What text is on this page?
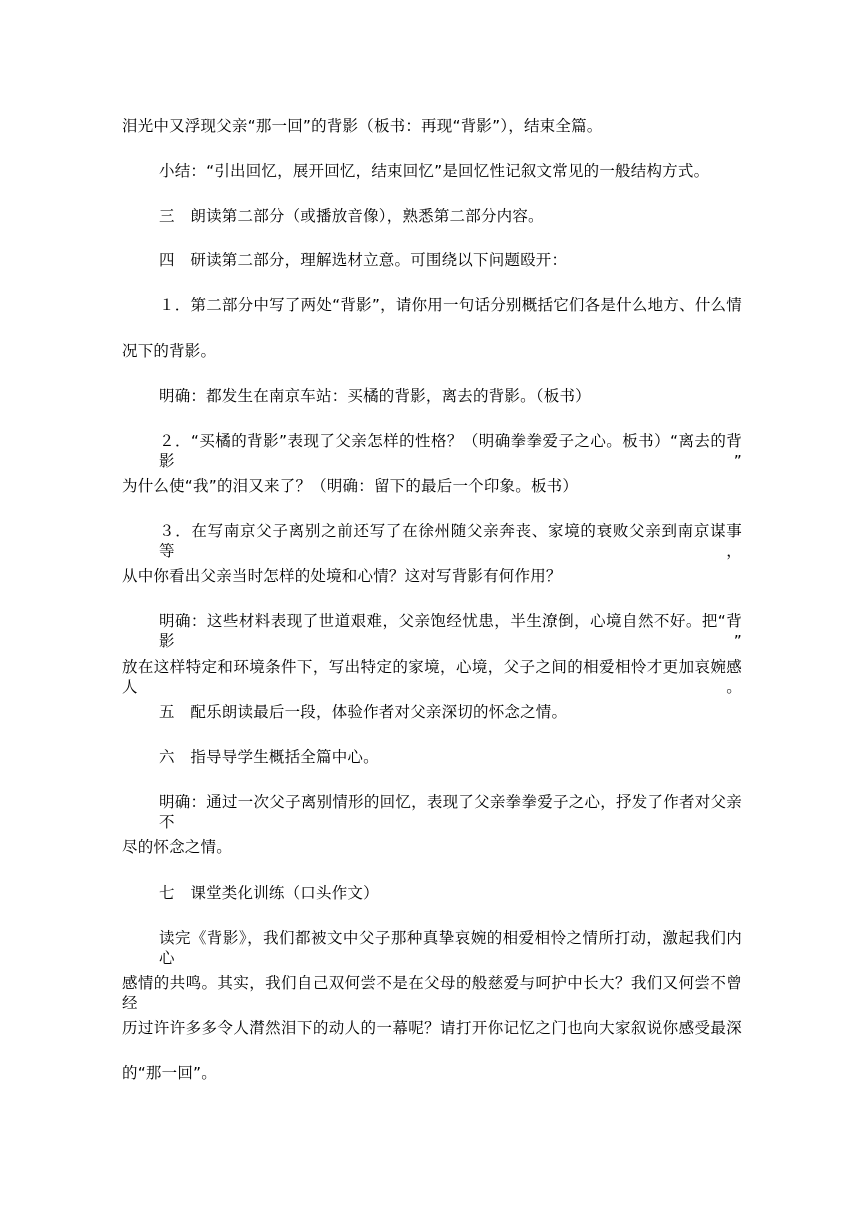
泪光中又浮现父亲“那一回”的背影（板书：再现“背影”），结束全篇。
小结：“引出回忆，展开回忆，结束回忆”是回忆性记叙文常见的一般结构方式。
三　朗读第二部分（或播放音像），熟悉第二部分内容。
四　研读第二部分，理解选材立意。可围绕以下问题殴开：
１．第二部分中写了两处“背影”，请你用一句话分别概括它们各是什么地方、什么情
况下的背影。
明确：都发生在南京车站：买橘的背影，离去的背影。（板书）
２．“买橘的背影”表现了父亲怎样的性格？（明确拳拳爱子之心。板书）“离去的背影”
为什么使“我”的泪又来了？（明确：留下的最后一个印象。板书）
３．在写南京父子离别之前还写了在徐州随父亲奔丧、家境的衰败父亲到南京谋事等，
从中你看出父亲当时怎样的处境和心情？这对写背影有何作用？
明确：这些材料表现了世道艰难，父亲饱经忧患，半生潦倒，心境自然不好。把“背影”
放在这样特定和环境条件下，写出特定的家境，心境，父子之间的相爱相怜才更加哀婉感人。
五　配乐朗读最后一段，体验作者对父亲深切的怀念之情。
六　指导导学生概括全篇中心。
明确：通过一次父子离别情形的回忆，表现了父亲拳拳爱子之心，抒发了作者对父亲不
尽的怀念之情。
七　课堂类化训练（口头作文）
读完《背影》，我们都被文中父子那种真挚哀婉的相爱相怜之情所打动，激起我们内心
感情的共鸣。其实，我们自己双何尝不是在父母的般慈爱与呵护中长大？我们又何尝不曾经
历过许许多多令人潸然泪下的动人的一幕呢？请打开你记忆之门也向大家叙说你感受最深
的“那一回”。
